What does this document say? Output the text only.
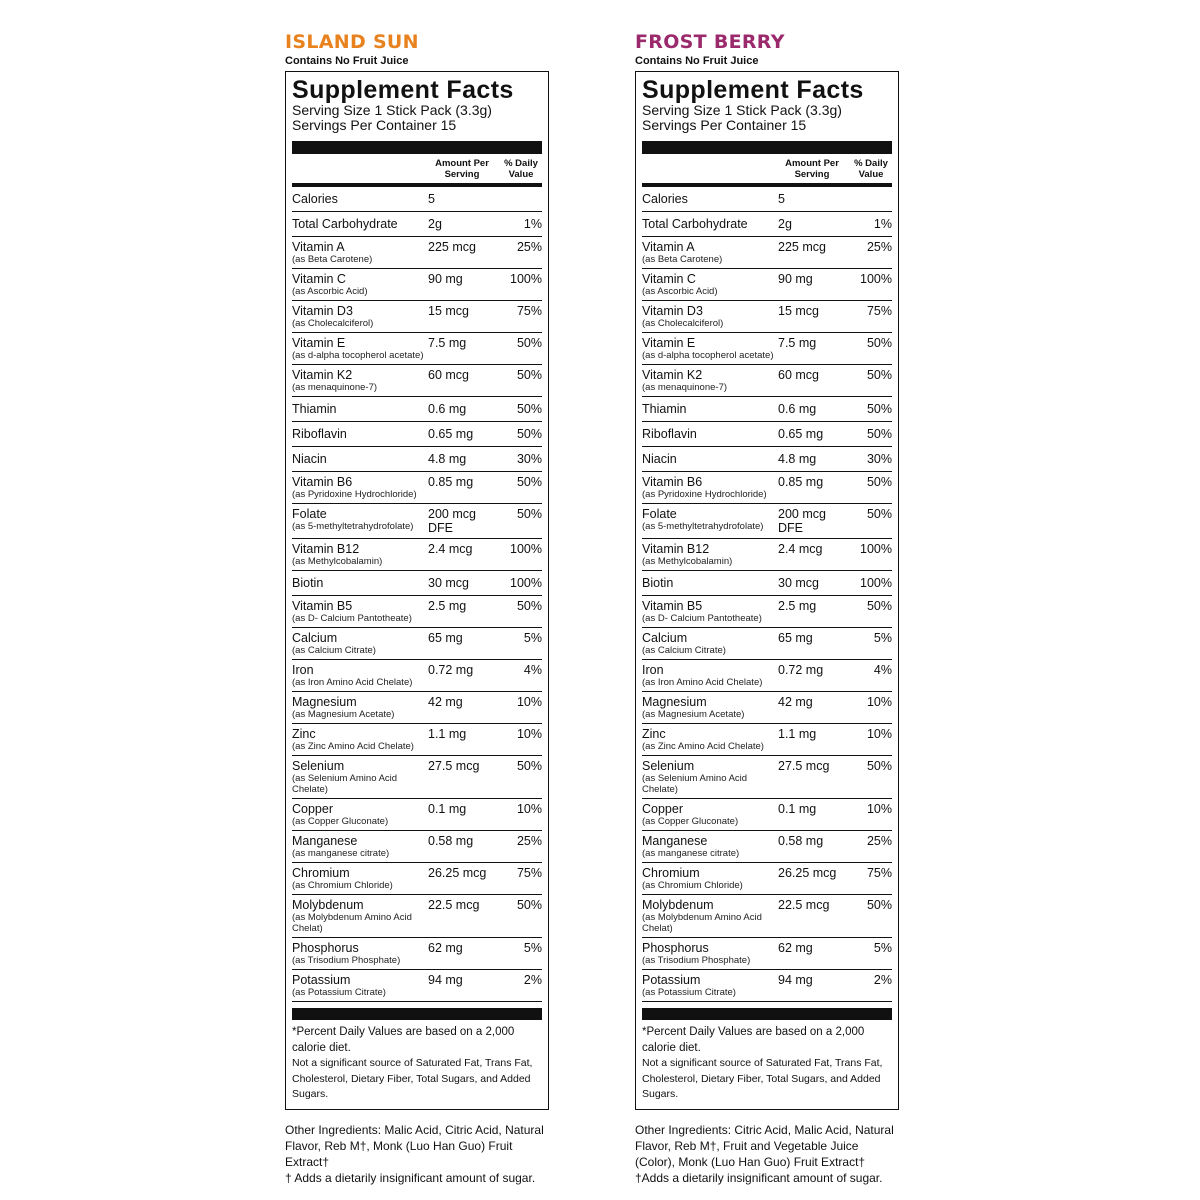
ISLAND SUN
Contains No Fruit Juice
Supplement Facts
Serving Size 1 Stick Pack (3.3g)
Servings Per Container 15
Amount Per
Serving
% Daily
Value
Calories	5
Total Carbohydrate	2g	1%
Vitamin A
(as Beta Carotene)
225 mcg	25%
Vitamin C
(as Ascorbic Acid)
90 mg	100%
Vitamin D3
(as Cholecalciferol)
15 mcg	75%
Vitamin E
(as d-alpha tocopherol acetate)
7.5 mg	50%
Vitamin K2
(as menaquinone-7)
60 mcg	50%
Thiamin	0.6 mg	50%
Riboflavin	0.65 mg	50%
Niacin	4.8 mg	30%
Vitamin B6
(as Pyridoxine Hydrochloride)
0.85 mg	50%
Folate
(as 5-methyltetrahydrofolate)
200 mcg
DFE
50%
Vitamin B12
(as Methylcobalamin)
2.4 mcg	100%
Biotin	30 mcg	100%
Vitamin B5
(as D- Calcium Pantotheate)
2.5 mg	50%
Calcium
(as Calcium Citrate)
65 mg	5%
Iron
(as Iron Amino Acid Chelate)
0.72 mg	4%
Magnesium
(as Magnesium Acetate)
42 mg	10%
Zinc
(as Zinc Amino Acid Chelate)
1.1 mg	10%
Selenium
(as Selenium Amino Acid Chelate)
27.5 mcg	50%
Copper
(as Copper Gluconate)
0.1 mg	10%
Manganese
(as manganese citrate)
0.58 mg	25%
Chromium
(as Chromium Chloride)
26.25 mcg	75%
Molybdenum
(as Molybdenum Amino Acid Chelat)
22.5 mcg	50%
Phosphorus
(as Trisodium Phosphate)
62 mg	5%
Potassium
(as Potassium Citrate)
94 mg	2%
*Percent Daily Values are based on a 2,000 calorie diet.
Not a significant source of Saturated Fat, Trans Fat, Cholesterol, Dietary Fiber, Total Sugars, and Added Sugars.
Other Ingredients: Malic Acid, Citric Acid, Natural Flavor, Reb M†, Monk (Luo Han Guo) Fruit Extract†
† Adds a dietarily insignificant amount of sugar.
FROST BERRY
Contains No Fruit Juice
Supplement Facts
Serving Size 1 Stick Pack (3.3g)
Servings Per Container 15
Amount Per
Serving
% Daily
Value
Calories	5
Total Carbohydrate	2g	1%
Vitamin A
(as Beta Carotene)
225 mcg	25%
Vitamin C
(as Ascorbic Acid)
90 mg	100%
Vitamin D3
(as Cholecalciferol)
15 mcg	75%
Vitamin E
(as d-alpha tocopherol acetate)
7.5 mg	50%
Vitamin K2
(as menaquinone-7)
60 mcg	50%
Thiamin	0.6 mg	50%
Riboflavin	0.65 mg	50%
Niacin	4.8 mg	30%
Vitamin B6
(as Pyridoxine Hydrochloride)
0.85 mg	50%
Folate
(as 5-methyltetrahydrofolate)
200 mcg
DFE
50%
Vitamin B12
(as Methylcobalamin)
2.4 mcg	100%
Biotin	30 mcg	100%
Vitamin B5
(as D- Calcium Pantotheate)
2.5 mg	50%
Calcium
(as Calcium Citrate)
65 mg	5%
Iron
(as Iron Amino Acid Chelate)
0.72 mg	4%
Magnesium
(as Magnesium Acetate)
42 mg	10%
Zinc
(as Zinc Amino Acid Chelate)
1.1 mg	10%
Selenium
(as Selenium Amino Acid Chelate)
27.5 mcg	50%
Copper
(as Copper Gluconate)
0.1 mg	10%
Manganese
(as manganese citrate)
0.58 mg	25%
Chromium
(as Chromium Chloride)
26.25 mcg	75%
Molybdenum
(as Molybdenum Amino Acid Chelat)
22.5 mcg	50%
Phosphorus
(as Trisodium Phosphate)
62 mg	5%
Potassium
(as Potassium Citrate)
94 mg	2%
*Percent Daily Values are based on a 2,000 calorie diet.
Not a significant source of Saturated Fat, Trans Fat, Cholesterol, Dietary Fiber, Total Sugars, and Added Sugars.
Other Ingredients: Citric Acid, Malic Acid, Natural Flavor, Reb M†, Fruit and Vegetable Juice (Color), Monk (Luo Han Guo) Fruit Extract†
†Adds a dietarily insignificant amount of sugar.
